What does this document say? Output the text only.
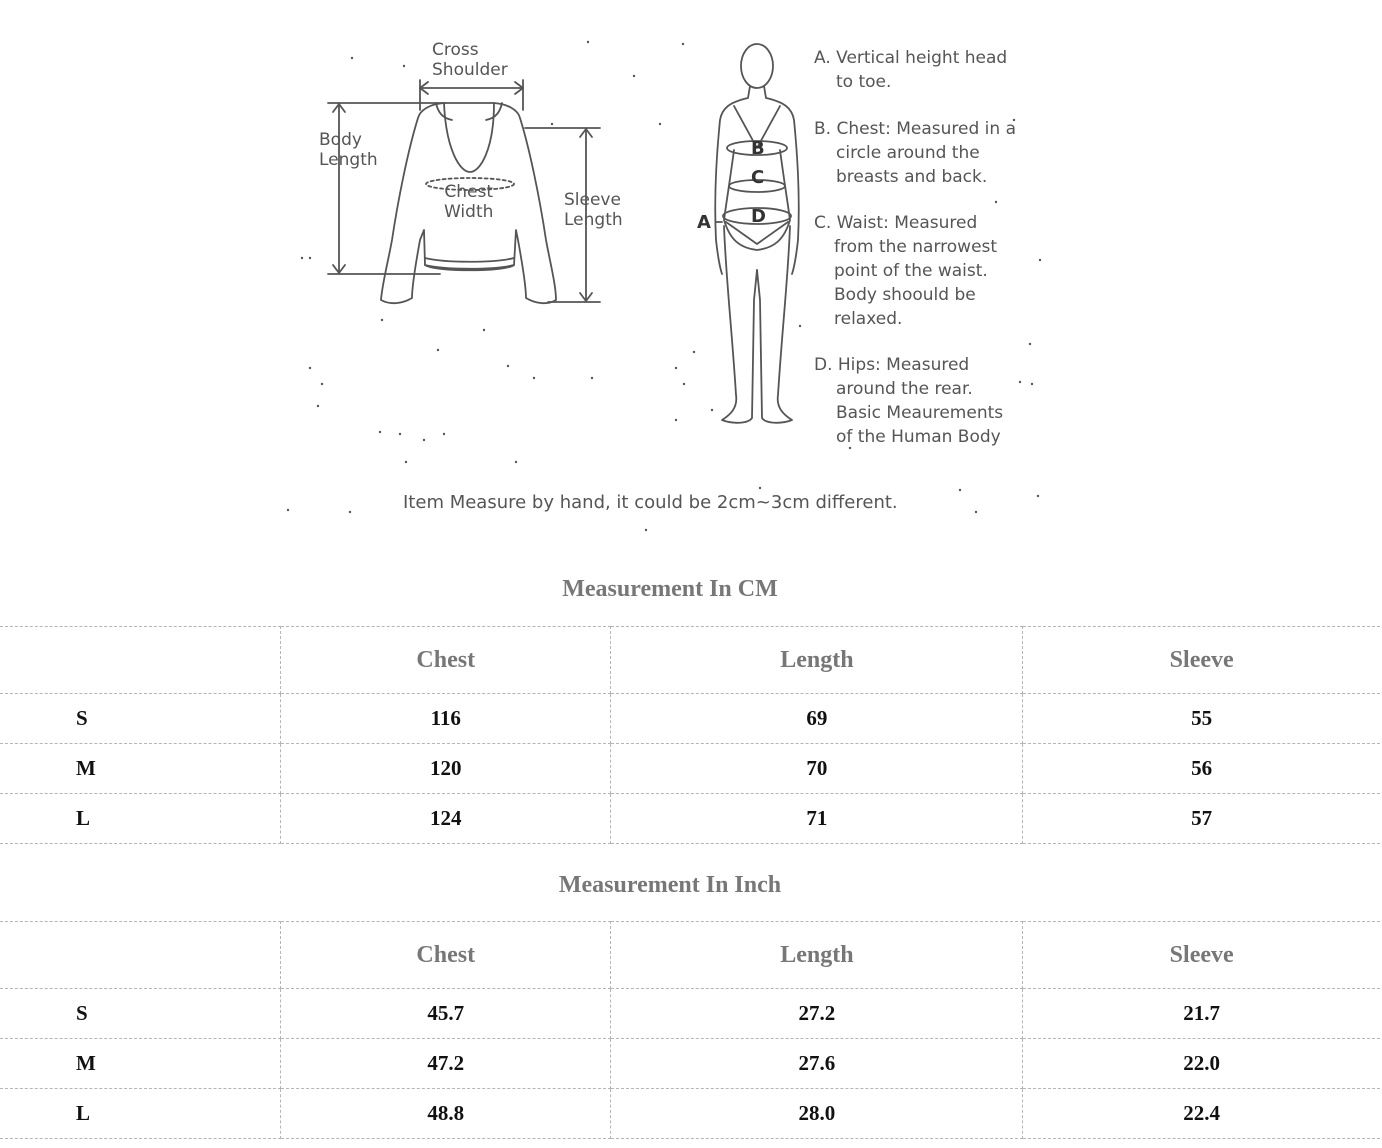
Cross
Shoulder
Body
Length
Chest
Width
Sleeve
Length	A
B
C
D
A. Vertical height head
to toe.
B. Chest: Measured in a
circle around the
breasts and back.
C. Waist: Measured
from the narrowest
point of the waist.
Body shoould be
relaxed.
D. Hips: Measured
around the rear.
Basic Meaurements
of the Human Body
Item Measure by hand, it could be 2cm~3cm different.
Measurement In CM
	Chest	Length	Sleeve
S	116	69	55
M	120	70	56
L	124	71	57
Measurement In Inch
	Chest	Length	Sleeve
S	45.7	27.2	21.7
M	47.2	27.6	22.0
L	48.8	28.0	22.4
